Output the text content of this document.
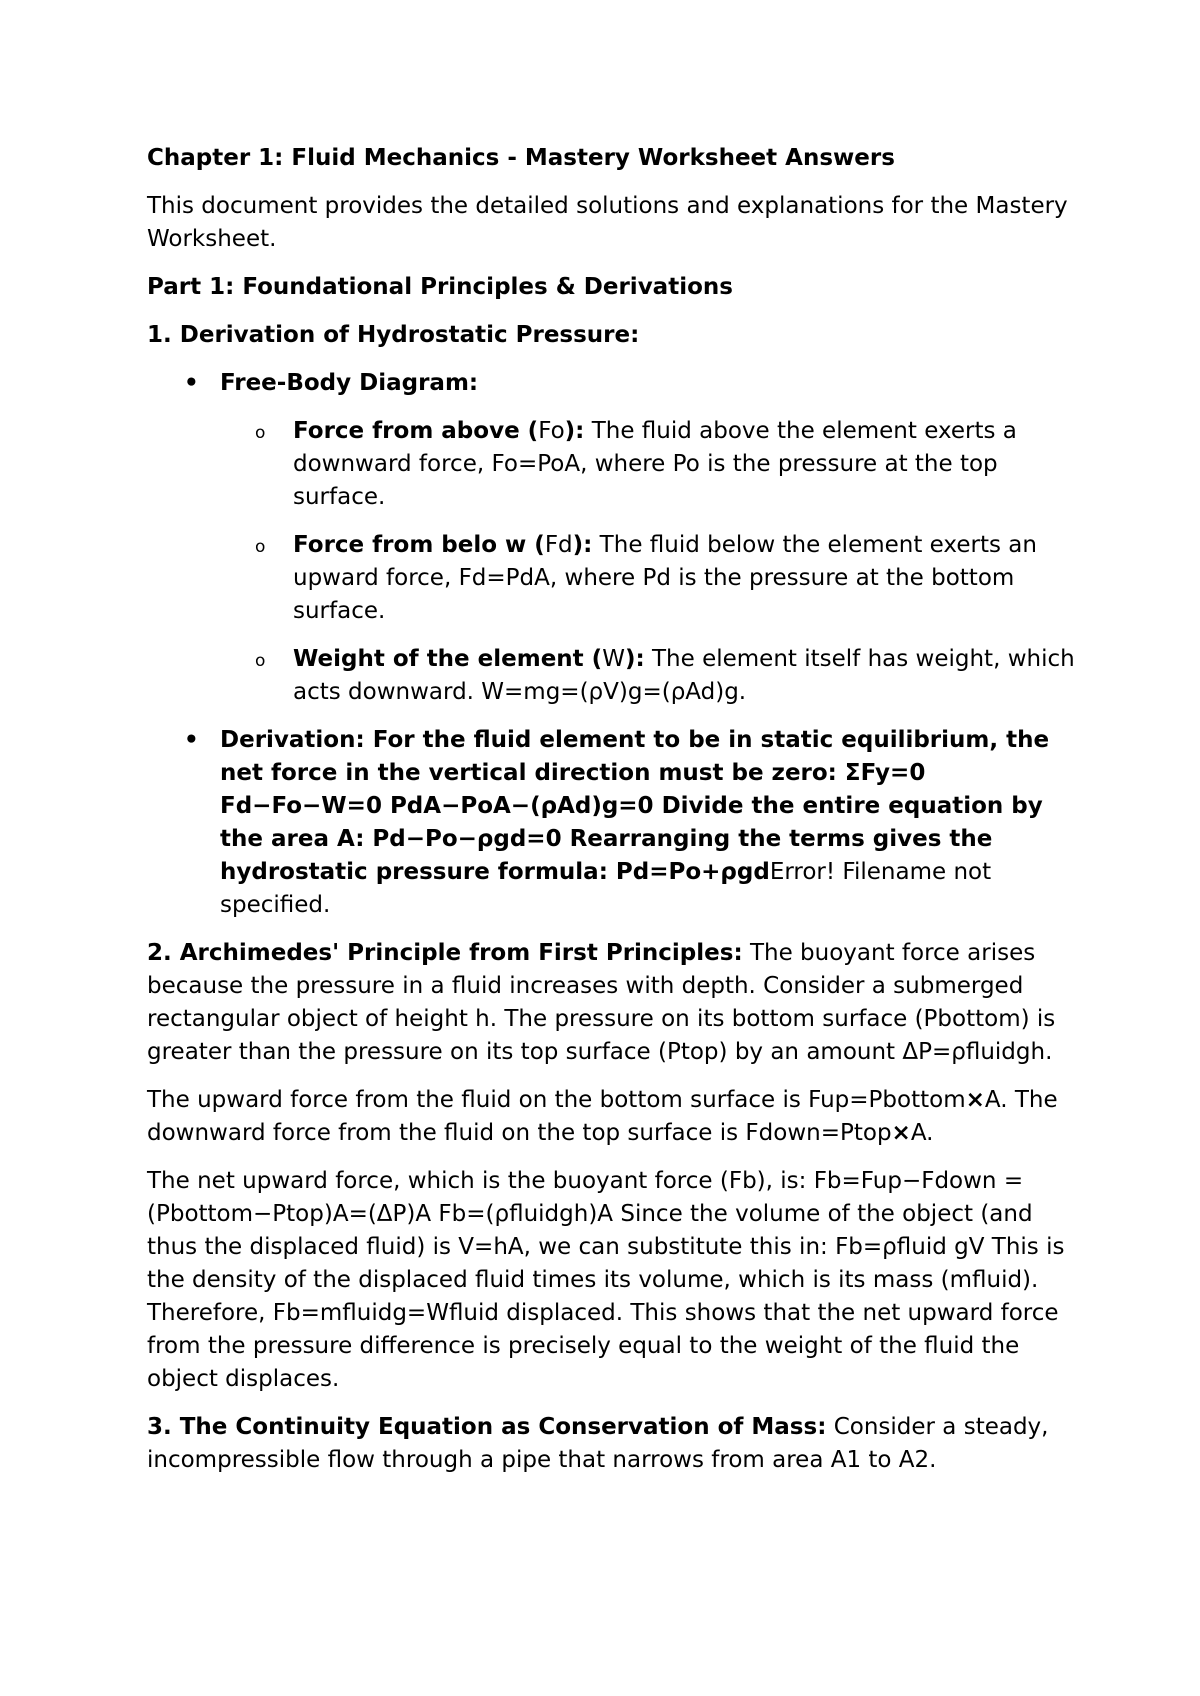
Chapter 1: Fluid Mechanics - Mastery Worksheet Answers

This document provides the detailed solutions and explanations for the Mastery Worksheet.

Part 1: Foundational Principles & Derivations

1. Derivation of Hydrostatic Pressure:

• Free-Body Diagram:
o Force from above (Fo): The fluid above the element exerts a downward force, Fo=PoA, where Po is the pressure at the top surface.
o Force from belo w (Fd): The fluid below the element exerts an upward force, Fd=PdA, where Pd is the pressure at the bottom surface.
o Weight of the element (W): The element itself has weight, which acts downward. W=mg=(ρV)g=(ρAd)g.
• Derivation: For the fluid element to be in static equilibrium, the net force in the vertical direction must be zero: ΣFy=0 Fd−Fo−W=0 PdA−PoA−(ρAd)g=0 Divide the entire equation by the area A: Pd−Po−ρgd=0 Rearranging the terms gives the hydrostatic pressure formula: Pd=Po+ρgdError! Filename not specified.

2. Archimedes' Principle from First Principles: The buoyant force arises because the pressure in a fluid increases with depth. Consider a submerged rectangular object of height h. The pressure on its bottom surface (Pbottom) is greater than the pressure on its top surface (Ptop) by an amount ΔP=ρfluidgh.

The upward force from the fluid on the bottom surface is Fup=Pbottom×A. The downward force from the fluid on the top surface is Fdown=Ptop×A.

The net upward force, which is the buoyant force (Fb), is: Fb=Fup−Fdown =(Pbottom−Ptop)A=(ΔP)A Fb=(ρfluidgh)A Since the volume of the object (and thus the displaced fluid) is V=hA, we can substitute this in: Fb=ρfluid gV This is the density of the displaced fluid times its volume, which is its mass (mfluid). Therefore, Fb=mfluidg=Wfluid displaced. This shows that the net upward force from the pressure difference is precisely equal to the weight of the fluid the object displaces.

3. The Continuity Equation as Conservation of Mass: Consider a steady, incompressible flow through a pipe that narrows from area A1 to A2.
